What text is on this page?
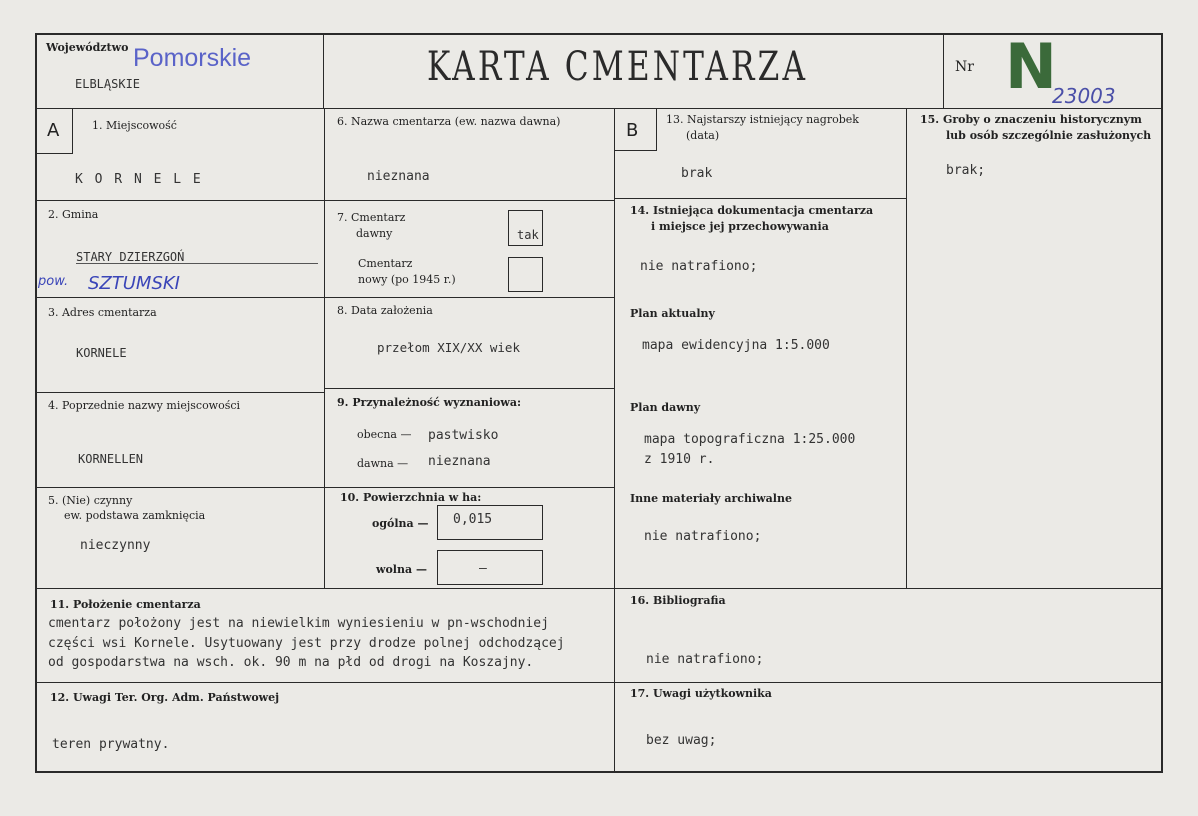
Województwo Pomorskie
ELBLĄSKIE	KARTA CMENTARZA	Nr N
23003
A	1. Miejscowość
K O R N E L E
2. Gmina
STARY DZIERZGOŃ
pow. SZTUMSKI
3. Adres cmentarza
KORNELE
4. Poprzednie nazwy miejscowości
KORNELLEN
5. (Nie) czynny
ew. podstawa zamknięcia
nieczynny
6. Nazwa cmentarza (ew. nazwa dawna)
nieznana
7. Cmentarz
dawny	tak
Cmentarz
nowy (po 1945 r.)
8. Data założenia
przełom XIX/XX wiek
9. Przynależność wyznaniowa:
obecna — pastwisko
dawna — nieznana
10. Powierzchnia w ha:
ogólna — 0,015
wolna —	–
B
13. Najstarszy istniejący nagrobek
(data)
brak
14. Istniejąca dokumentacja cmentarza
i miejsce jej przechowywania
nie natrafiono;
Plan aktualny
mapa ewidencyjna 1:5.000
Plan dawny
mapa topograficzna 1:25.000
z 1910 r.
Inne materiały archiwalne
nie natrafiono;
15. Groby o znaczeniu historycznym
lub osób szczególnie zasłużonych
brak;
11. Położenie cmentarza
cmentarz położony jest na niewielkim wyniesieniu w pn-wschodniej
części wsi Kornele. Usytuowany jest przy drodze polnej odchodzącej
od gospodarstwa na wsch. ok. 90 m na płd od drogi na Koszajny.
12. Uwagi Ter. Org. Adm. Państwowej
teren prywatny.
16. Bibliografia
nie natrafiono;
17. Uwagi użytkownika
bez uwag;
